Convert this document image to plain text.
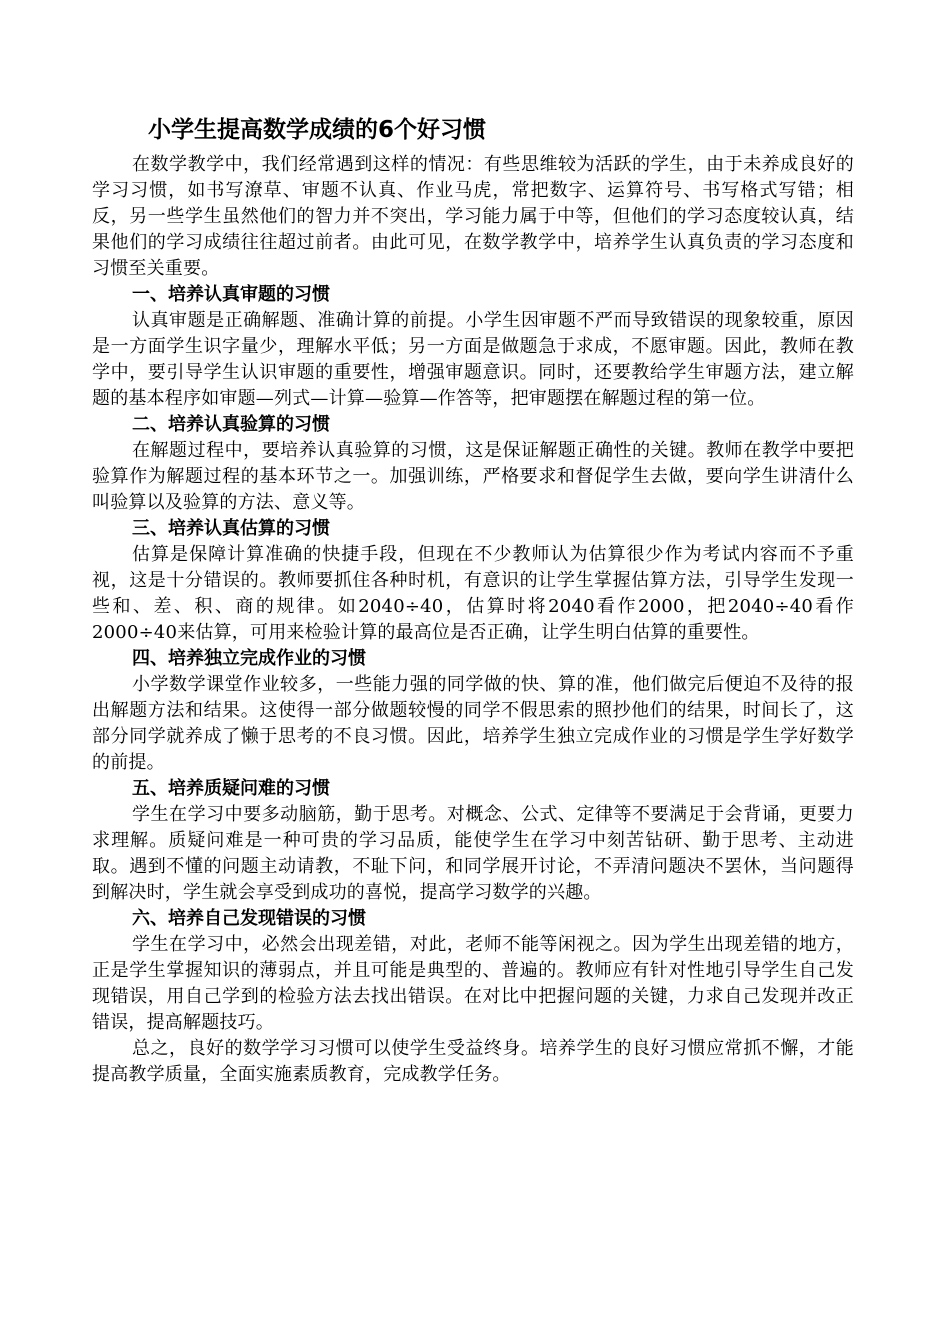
小学生提高数学成绩的6个好习惯

在数学教学中，我们经常遇到这样的情况：有些思维较为活跃的学生，由于未养成良好的学习习惯，如书写潦草、审题不认真、作业马虎，常把数字、运算符号、书写格式写错；相反，另一些学生虽然他们的智力并不突出，学习能力属于中等，但他们的学习态度较认真，结果他们的学习成绩往往超过前者。由此可见，在数学教学中，培养学生认真负责的学习态度和习惯至关重要。

一、培养认真审题的习惯

认真审题是正确解题、准确计算的前提。小学生因审题不严而导致错误的现象较重，原因是一方面学生识字量少，理解水平低；另一方面是做题急于求成，不愿审题。因此，教师在教学中，要引导学生认识审题的重要性，增强审题意识。同时，还要教给学生审题方法，建立解题的基本程序如审题—列式—计算—验算—作答等，把审题摆在解题过程的第一位。

二、培养认真验算的习惯

在解题过程中，要培养认真验算的习惯，这是保证解题正确性的关键。教师在教学中要把验算作为解题过程的基本环节之一。加强训练，严格要求和督促学生去做，要向学生讲清什么叫验算以及验算的方法、意义等。

三、培养认真估算的习惯

估算是保障计算准确的快捷手段，但现在不少教师认为估算很少作为考试内容而不予重视，这是十分错误的。教师要抓住各种时机，有意识的让学生掌握估算方法，引导学生发现一些和、差、积、商的规律。如2040÷40，估算时将2040看作2000，把2040÷40看作2000÷40来估算，可用来检验计算的最高位是否正确，让学生明白估算的重要性。

四、培养独立完成作业的习惯

小学数学课堂作业较多，一些能力强的同学做的快、算的准，他们做完后便迫不及待的报出解题方法和结果。这使得一部分做题较慢的同学不假思索的照抄他们的结果，时间长了，这部分同学就养成了懒于思考的不良习惯。因此，培养学生独立完成作业的习惯是学生学好数学的前提。

五、培养质疑问难的习惯

学生在学习中要多动脑筋，勤于思考。对概念、公式、定律等不要满足于会背诵，更要力求理解。质疑问难是一种可贵的学习品质，能使学生在学习中刻苦钻研、勤于思考、主动进取。遇到不懂的问题主动请教，不耻下问，和同学展开讨论，不弄清问题决不罢休，当问题得到解决时，学生就会享受到成功的喜悦，提高学习数学的兴趣。

六、培养自己发现错误的习惯

学生在学习中，必然会出现差错，对此，老师不能等闲视之。因为学生出现差错的地方，正是学生掌握知识的薄弱点，并且可能是典型的、普遍的。教师应有针对性地引导学生自己发现错误，用自己学到的检验方法去找出错误。在对比中把握问题的关键，力求自己发现并改正错误，提高解题技巧。

总之，良好的数学学习习惯可以使学生受益终身。培养学生的良好习惯应常抓不懈，才能提高教学质量，全面实施素质教育，完成教学任务。
